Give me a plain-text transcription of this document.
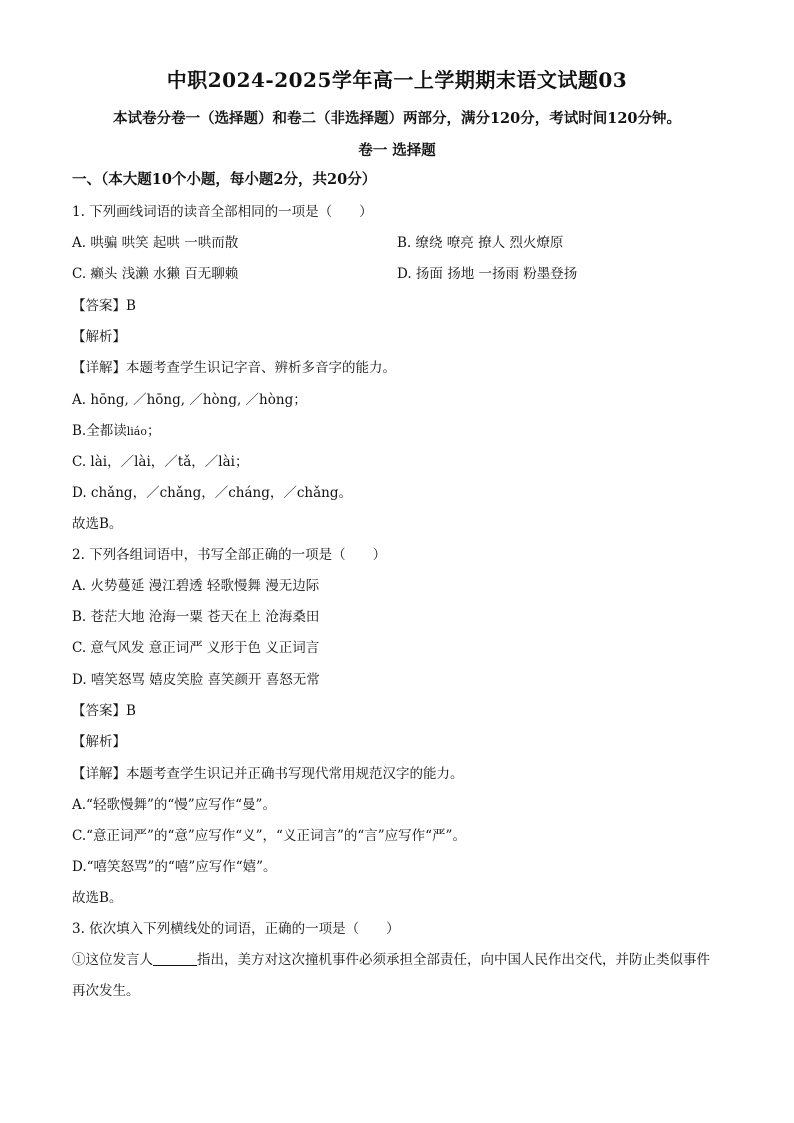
中职2024-2025学年高一上学期期末语文试题03
本试卷分卷一（选择题）和卷二（非选择题）两部分，满分120分，考试时间120分钟。
卷一 选择题
一、（本大题10个小题，每小题2分，共20分）
1. 下列画线词语的读音全部相同的一项是（　　）
A. 哄骗 哄笑 起哄 一哄而散	B. 缭绕 嘹亮 撩人 烈火燎原
C. 癞头 浅濑 水獭 百无聊赖	D. 扬面 扬地 一扬雨 粉墨登扬
【答案】B
【解析】
【详解】本题考查学生识记字音、辨析多音字的能力。
A. hōng, ／hōng, ／hòng, ／hòng；
B.全都读liáo；
C. lài，／lài，／tǎ，／lài；
D. chǎng，／chǎng，／cháng，／chǎng。
故选B。
2. 下列各组词语中，书写全部正确的一项是（　　）
A. 火势蔓延 漫江碧透 轻歌慢舞 漫无边际
B. 苍茫大地 沧海一粟 苍天在上 沧海桑田
C. 意气风发 意正词严 义形于色 义正词言
D. 嘻笑怒骂 嬉皮笑脸 喜笑颜开 喜怒无常
【答案】B
【解析】
【详解】本题考查学生识记并正确书写现代常用规范汉字的能力。
A.“轻歌慢舞”的“慢”应写作“曼”。
C.“意正词严”的“意”应写作“义”，“义正词言”的“言”应写作“严”。
D.“嘻笑怒骂”的“嘻”应写作“嬉”。
故选B。
3. 依次填入下列横线处的词语，正确的一项是（　　）
①这位发言人	指出，美方对这次撞机事件必须承担全部责任，向中国人民作出交代，并防止类似事件再次发生。
